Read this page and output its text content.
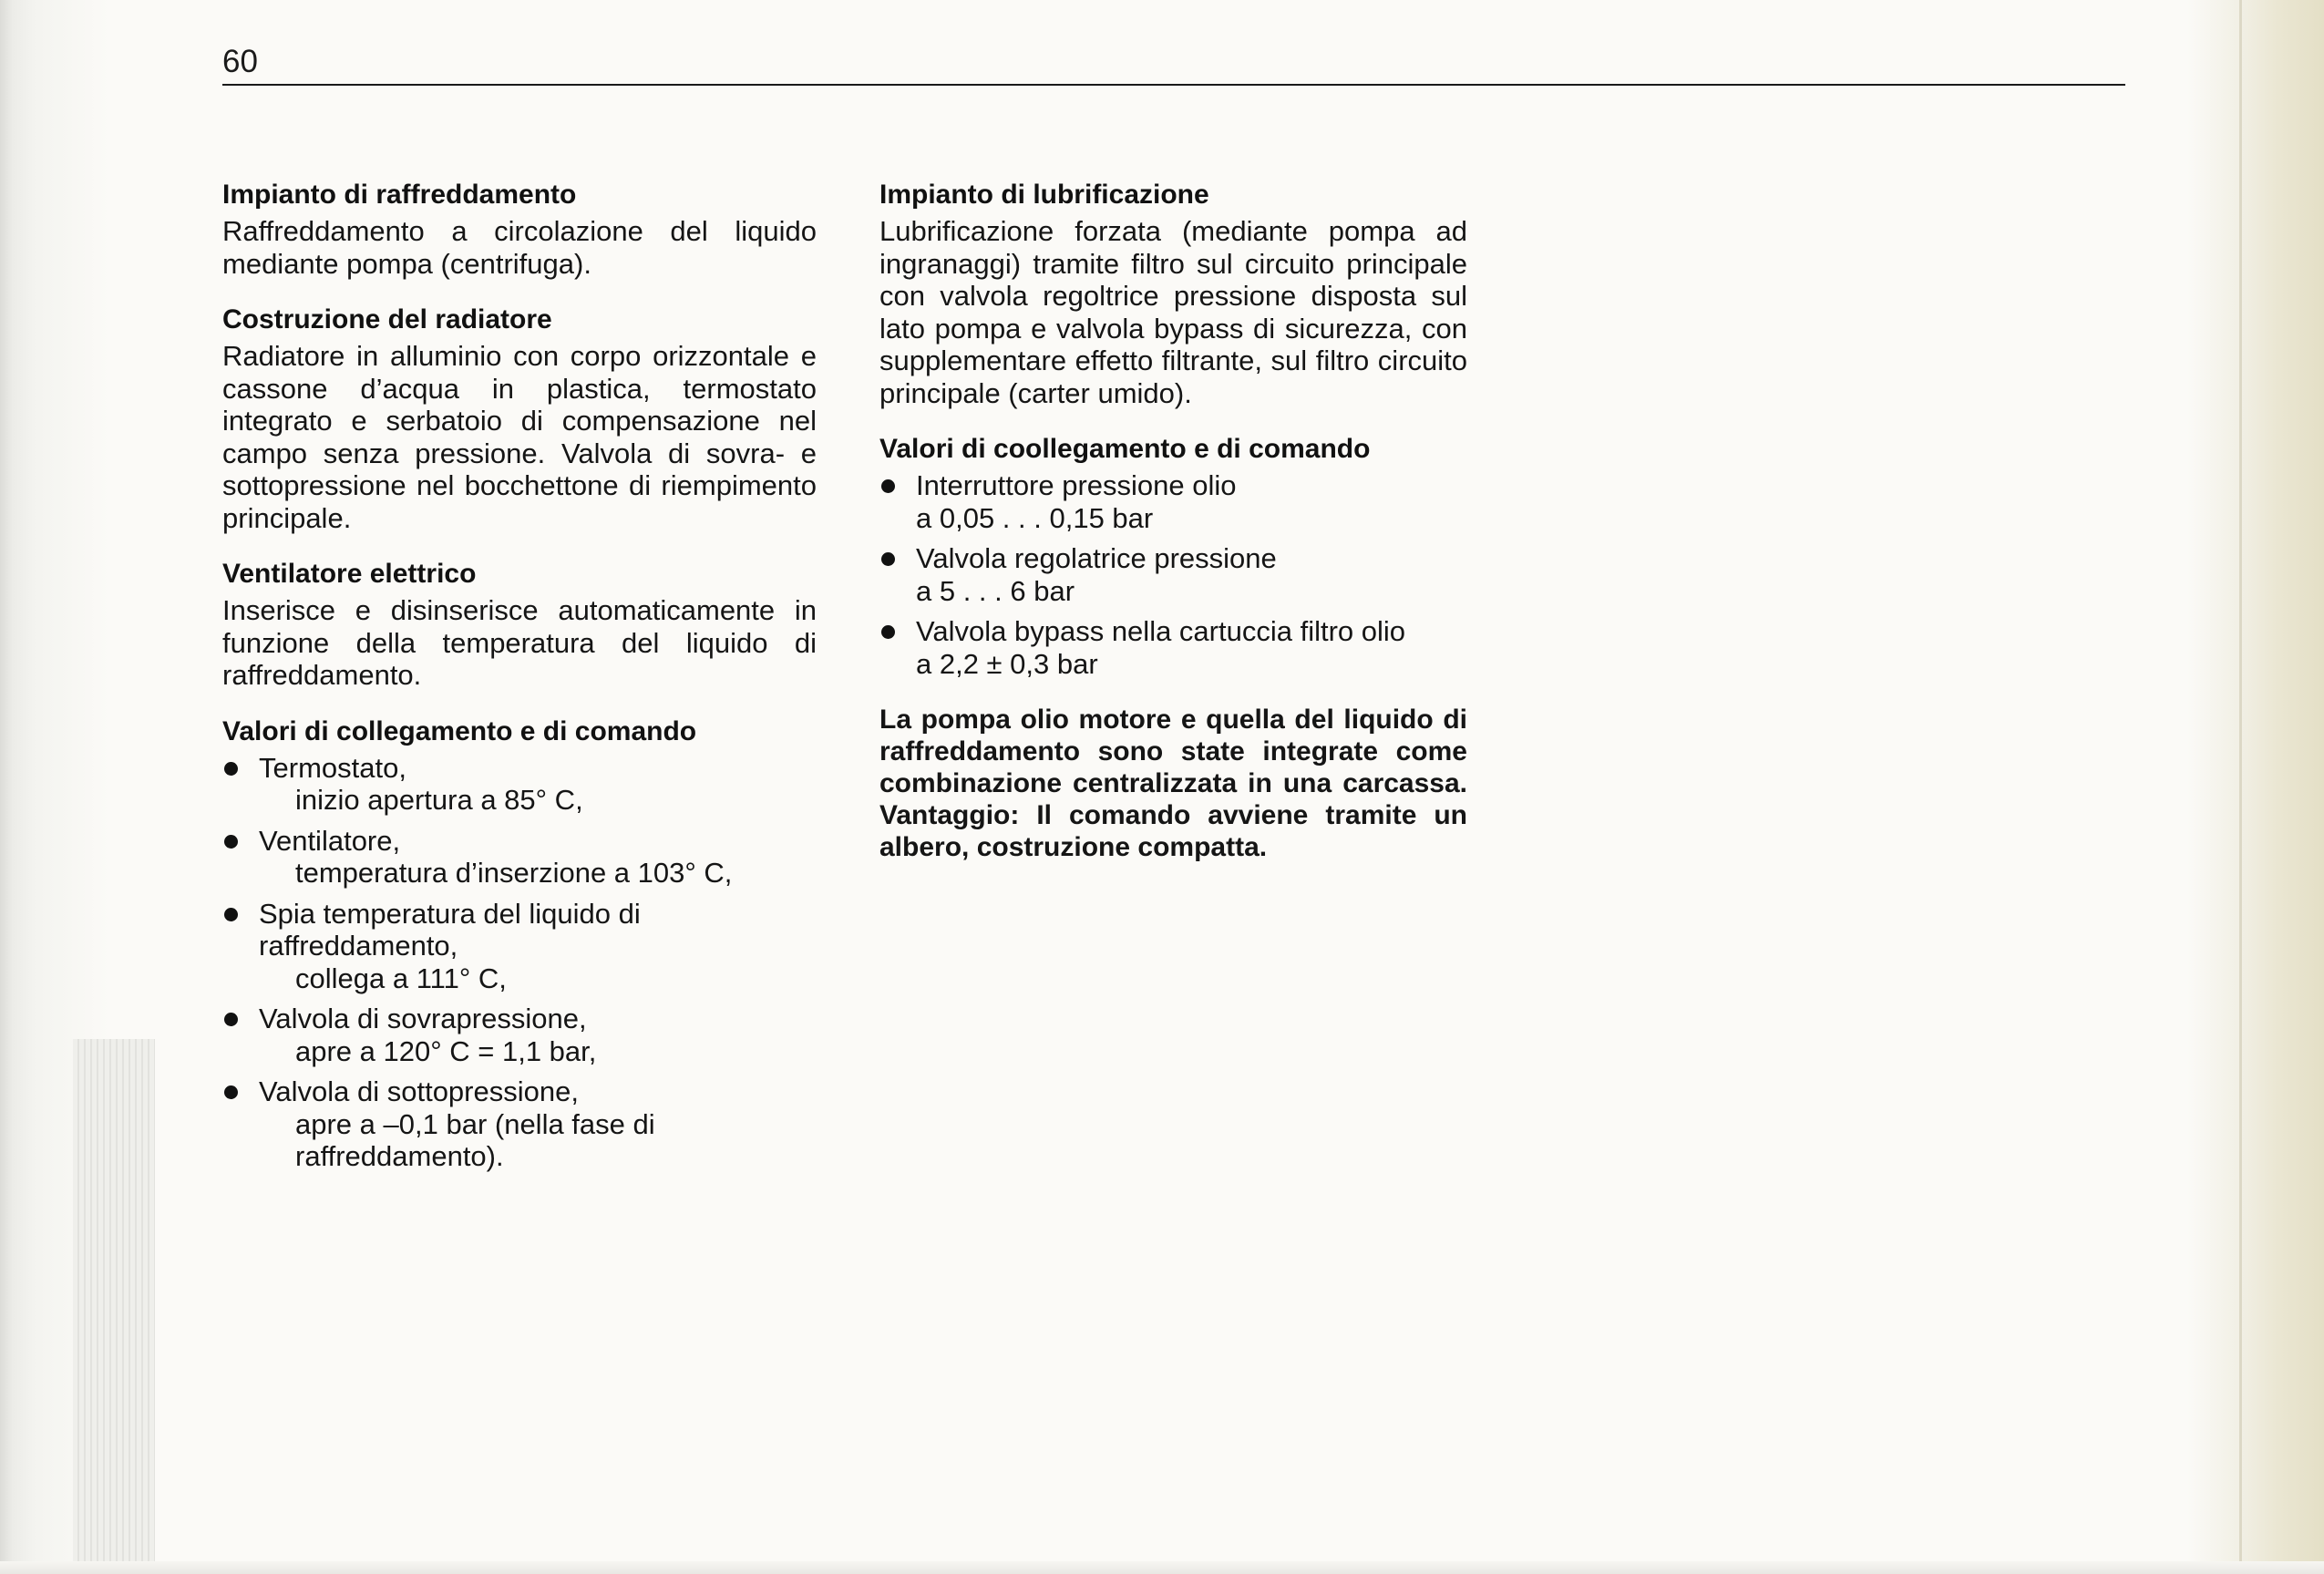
60
Impianto di raffreddamento

Raffreddamento a circolazione del liquido mediante pompa (centrifuga).

Costruzione del radiatore

Radiatore in alluminio con corpo orizzontale e cassone d’acqua in plastica, termostato integrato e serbatoio di compensazione nel campo senza pressione. Valvola di sovra- e sottopressione nel bocchettone di riempimento principale.

Ventilatore elettrico

Inserisce e disinserisce automaticamente in funzione della temperatura del liquido di raffreddamento.

Valori di collegamento e di comando
Termostato,
inizio apertura a 85° C,
Ventilatore,
temperatura d’inserzione a 103° C,
Spia temperatura del liquido di raffreddamento,
collega a 111° C,
Valvola di sovrapressione,
apre a 120° C = 1,1 bar,
Valvola di sottopressione,
apre a –0,1 bar (nella fase di raffreddamento).
Impianto di lubrificazione

Lubrificazione forzata (mediante pompa ad ingranaggi) tramite filtro sul circuito principale con valvola regoltrice pressione disposta sul lato pompa e valvola bypass di sicurezza, con supplementare effetto filtrante, sul filtro circuito principale (carter umido).

Valori di coollegamento e di comando
Interruttore pressione olio
a 0,05 . . . 0,15 bar
Valvola regolatrice pressione
a 5 . . . 6 bar
Valvola bypass nella cartuccia filtro olio
a 2,2 ± 0,3 bar

La pompa olio motore e quella del liquido di raffreddamento sono state integrate come combinazione centralizzata in una carcassa. Vantaggio: Il comando avviene tramite un albero, costruzione compatta.
